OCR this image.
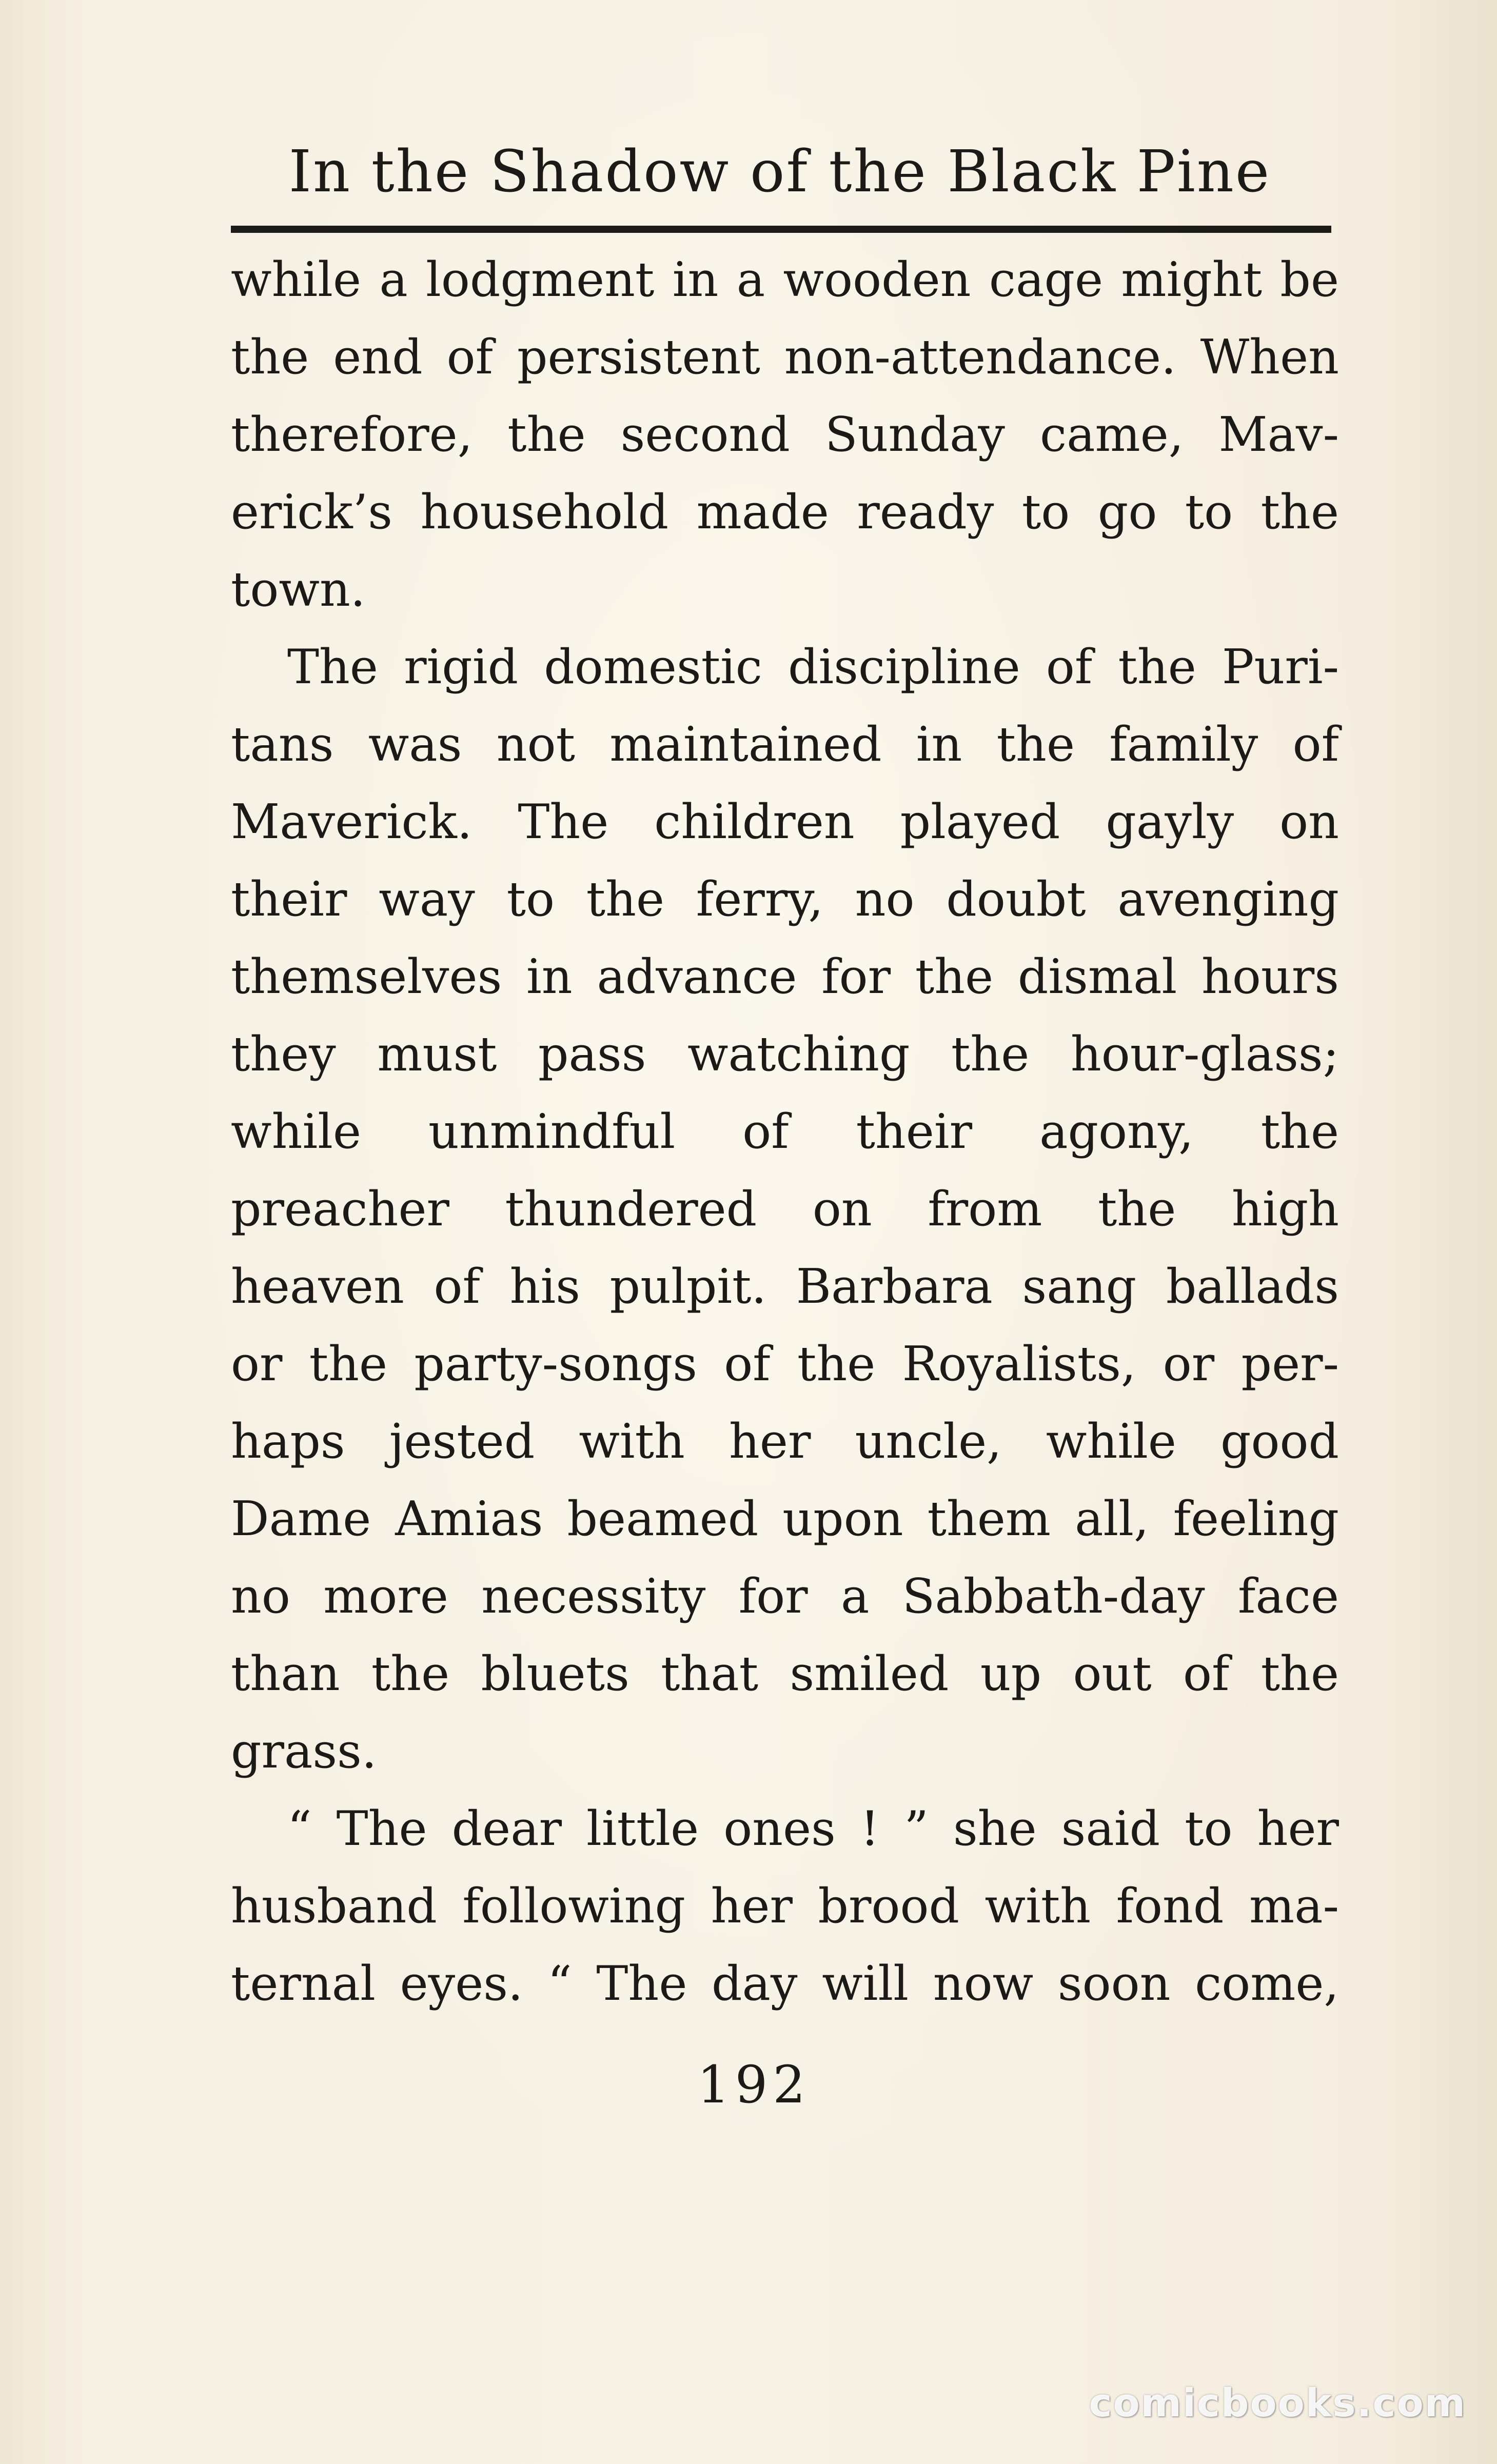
In the Shadow of the Black Pine
while a lodgment in a wooden cage might be
the end of persistent non-attendance. When
therefore, the second Sunday came, Mav-
erick’s household made ready to go to the
town.
The rigid domestic discipline of the Puri-
tans was not maintained in the family of
Maverick. The children played gayly on
their way to the ferry, no doubt avenging
themselves in advance for the dismal hours
they must pass watching the hour-glass;
while unmindful of their agony, the
preacher thundered on from the high
heaven of his pulpit. Barbara sang ballads
or the party-songs of the Royalists, or per-
haps jested with her uncle, while good
Dame Amias beamed upon them all, feeling
no more necessity for a Sabbath-day face
than the bluets that smiled up out of the
grass.
“ The dear little ones ! ” she said to her
husband following her brood with fond ma-
ternal eyes. “ The day will now soon come,
192
comicbooks.com
